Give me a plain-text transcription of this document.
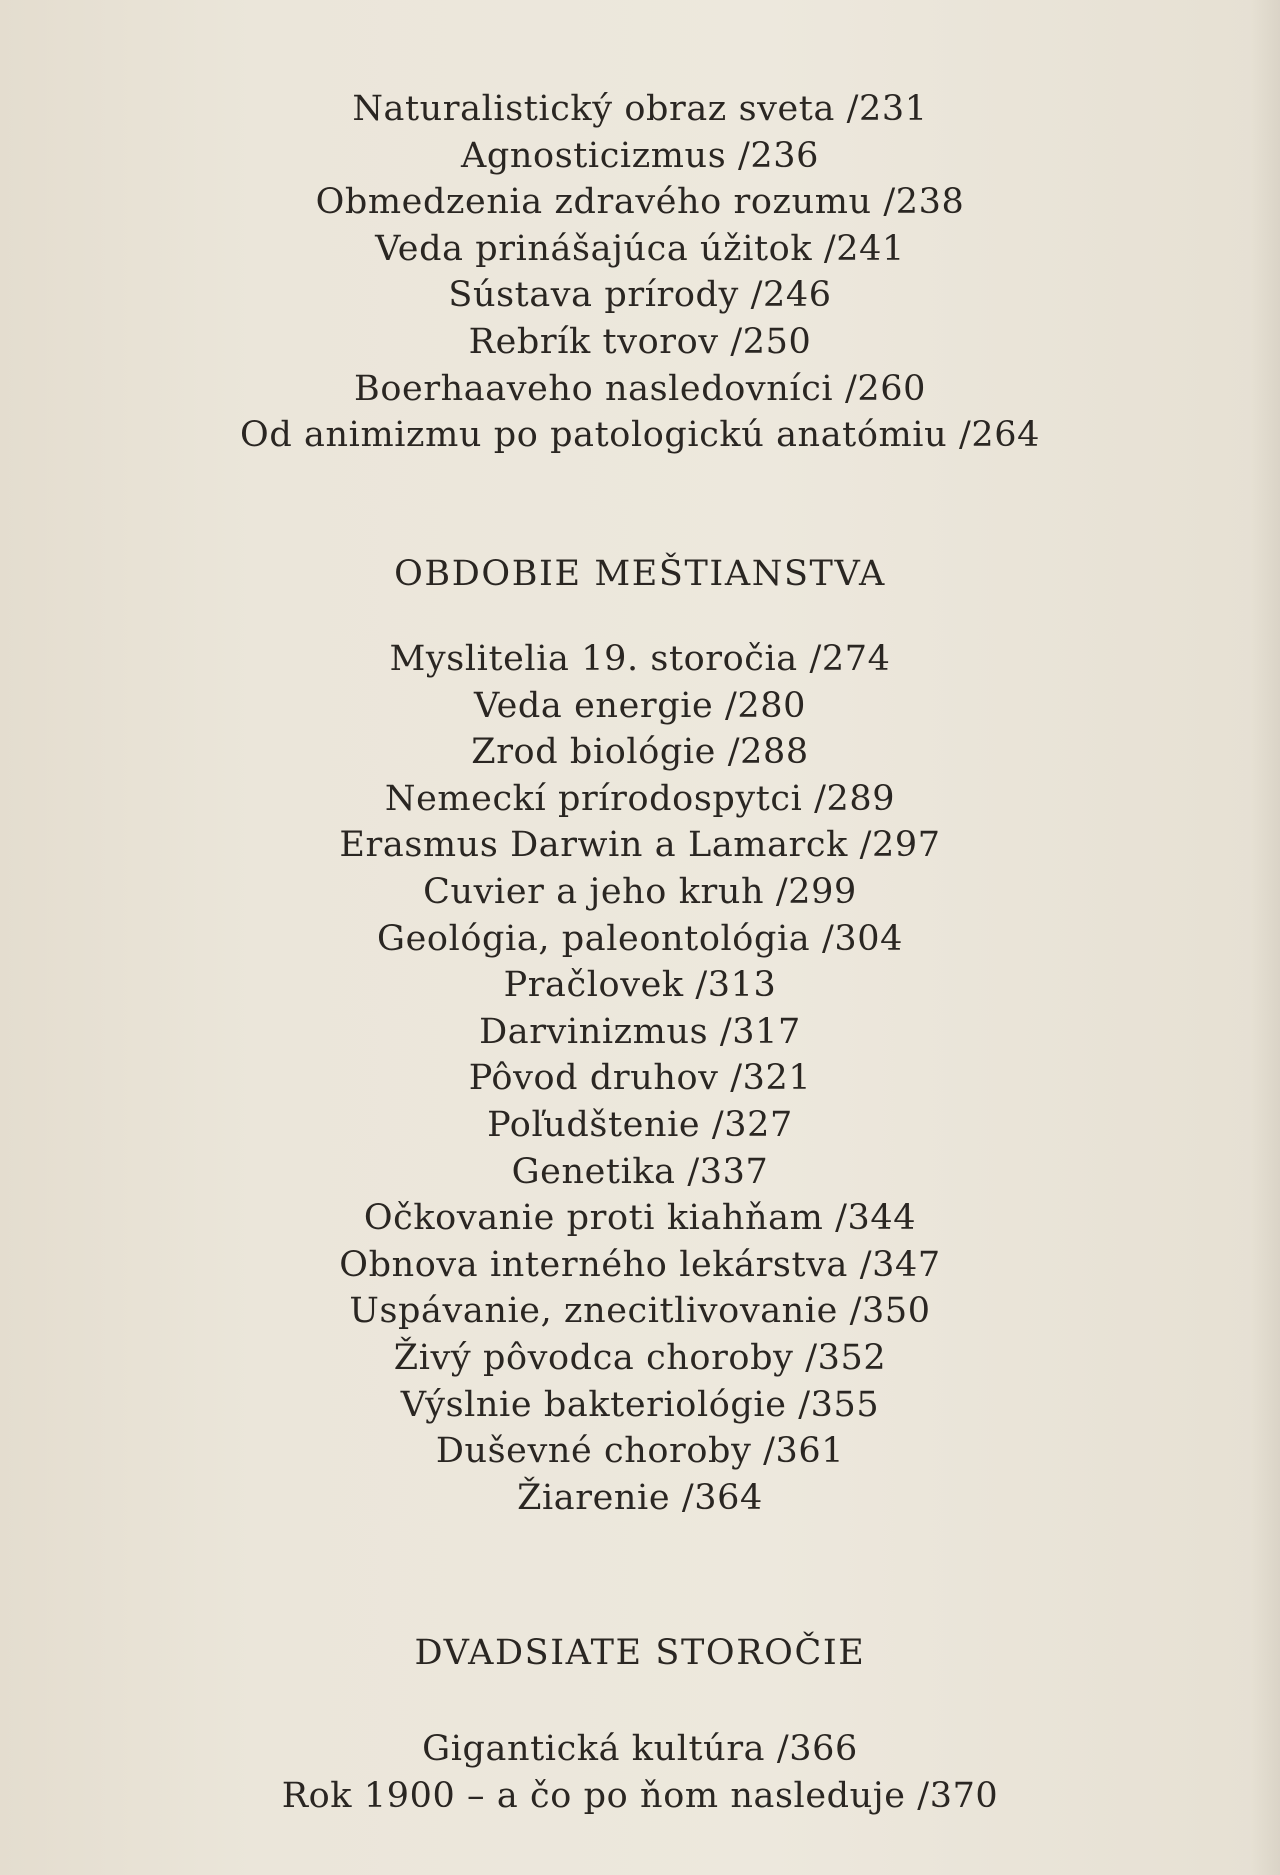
Naturalistický obraz sveta /231
Agnosticizmus /236
Obmedzenia zdravého rozumu /238
Veda prinášajúca úžitok /241
Sústava prírody /246
Rebrík tvorov /250
Boerhaaveho nasledovníci /260
Od animizmu po patologickú anatómiu /264
OBDOBIE MEŠTIANSTVA
Myslitelia 19. storočia /274
Veda energie /280
Zrod biológie /288
Nemeckí prírodospytci /289
Erasmus Darwin a Lamarck /297
Cuvier a jeho kruh /299
Geológia, paleontológia /304
Pračlovek /313
Darvinizmus /317
Pôvod druhov /321
Poľudštenie /327
Genetika /337
Očkovanie proti kiahňam /344
Obnova interného lekárstva /347
Uspávanie, znecitlivovanie /350
Živý pôvodca choroby /352
Výslnie bakteriológie /355
Duševné choroby /361
Žiarenie /364
DVADSIATE STOROČIE
Gigantická kultúra /366
Rok 1900 – a čo po ňom nasleduje /370
